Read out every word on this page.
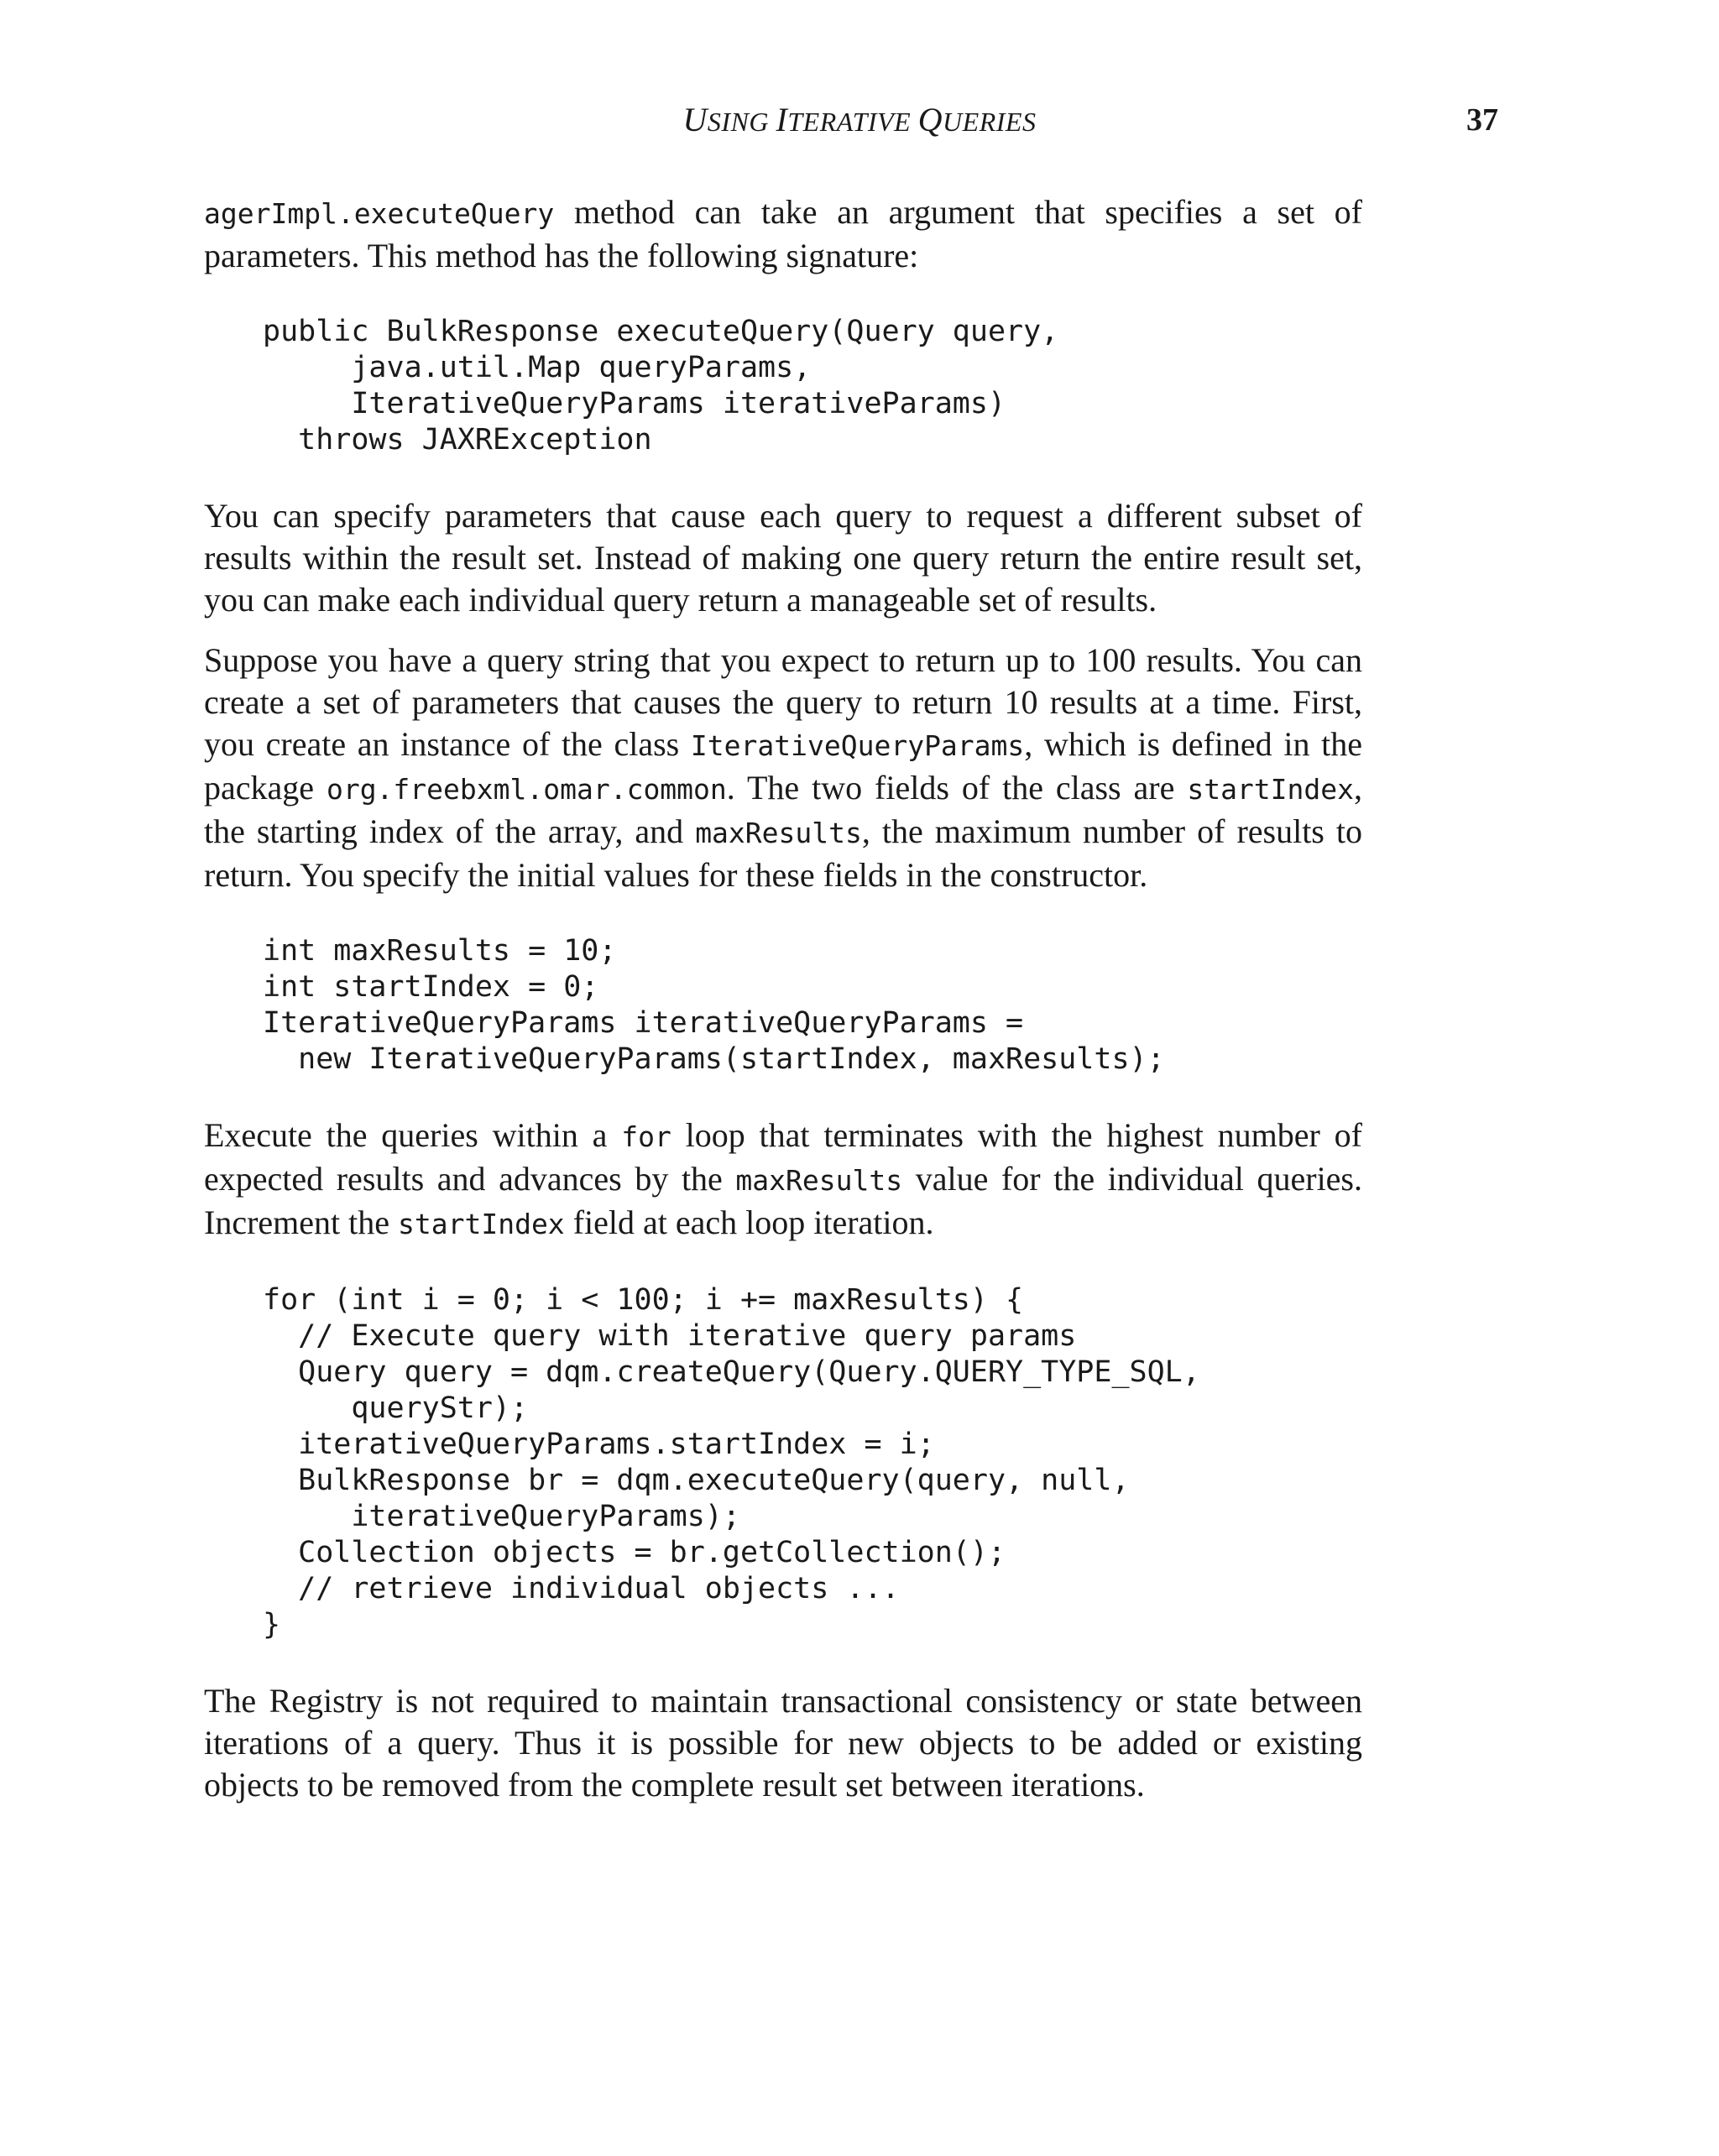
USING ITERATIVE QUERIES	37

agerImpl.executeQuery method can take an argument that specifies a set of parameters. This method has the following signature:

public BulkResponse executeQuery(Query query,
java.util.Map queryParams,
IterativeQueryParams iterativeParams)
throws JAXRException

You can specify parameters that cause each query to request a different subset of results within the result set. Instead of making one query return the entire result set, you can make each individual query return a manageable set of results.

Suppose you have a query string that you expect to return up to 100 results. You can create a set of parameters that causes the query to return 10 results at a time. First, you create an instance of the class IterativeQueryParams, which is defined in the package org.freebxml.omar.common. The two fields of the class are startIndex, the starting index of the array, and maxResults, the maximum number of results to return. You specify the initial values for these fields in the constructor.

int maxResults = 10;
int startIndex = 0;
IterativeQueryParams iterativeQueryParams =
new IterativeQueryParams(startIndex, maxResults);

Execute the queries within a for loop that terminates with the highest number of expected results and advances by the maxResults value for the individual queries. Increment the startIndex field at each loop iteration.

for (int i = 0; i < 100; i += maxResults) {
// Execute query with iterative query params
Query query = dqm.createQuery(Query.QUERY_TYPE_SQL,
queryStr);
iterativeQueryParams.startIndex = i;
BulkResponse br = dqm.executeQuery(query, null,
iterativeQueryParams);
Collection objects = br.getCollection();
// retrieve individual objects ...
}

The Registry is not required to maintain transactional consistency or state between iterations of a query. Thus it is possible for new objects to be added or existing objects to be removed from the complete result set between iterations.
